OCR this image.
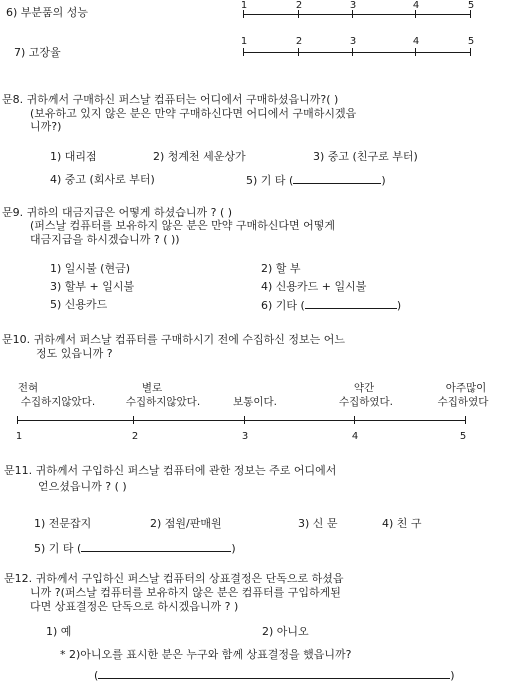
6) 부분품의 성능
1	2	3	4	5
7) 고장율
1	2	3	4	5
문8. 귀하께서 구매하신 퍼스날 컴퓨터는 어디에서 구매하셨읍니까?( )
(보유하고 있지 않은 분은 만약 구매하신다면 어디에서 구매하시겠읍
니까?)
1) 대리점	2) 청계천 세운상가	3) 중고 (친구로 부터)
4) 중고 (회사로 부터)	5) 기 타 (	)
문9. 귀하의 대금지급은 어떻게 하셨습니까 ? ( )
(퍼스날 컴퓨터를 보유하지 않은 분은 만약 구매하신다면 어떻게
대금지급을 하시겠습니까 ? ( ))
1) 일시불 (현금)	2) 할 부
3) 할부 + 일시불	4) 신용카드 + 일시불
5) 신용카드	6) 기타 (	)
문10. 귀하께서 퍼스날 컴퓨터를 구매하시기 전에 수집하신 정보는 어느
정도 있읍니까 ?
전혀
수집하지않았다.
별로
수집하지않았다.	보통이다.
약간
수집하였다.
아주많이
수집하였다
1	2	3	4	5
문11. 귀하께서 구입하신 퍼스날 컴퓨터에 관한 정보는 주로 어디에서
얻으셨읍니까 ? ( )
1) 전문잡지	2) 점원/판매원	3) 신 문	4) 친 구
5) 기 타 (	)
문12. 귀하께서 구입하신 퍼스날 컴퓨터의 상표결정은 단독으로 하셨읍
니까 ?(퍼스날 컴퓨터를 보유하지 않은 분은 컴퓨터를 구입하게된
다면 상표결정은 단독으로 하시겠읍니까 ? )
1) 예	2) 아니오
* 2)아니오를 표시한 분은 누구와 함께 상표결정을 했읍니까?
(	)
